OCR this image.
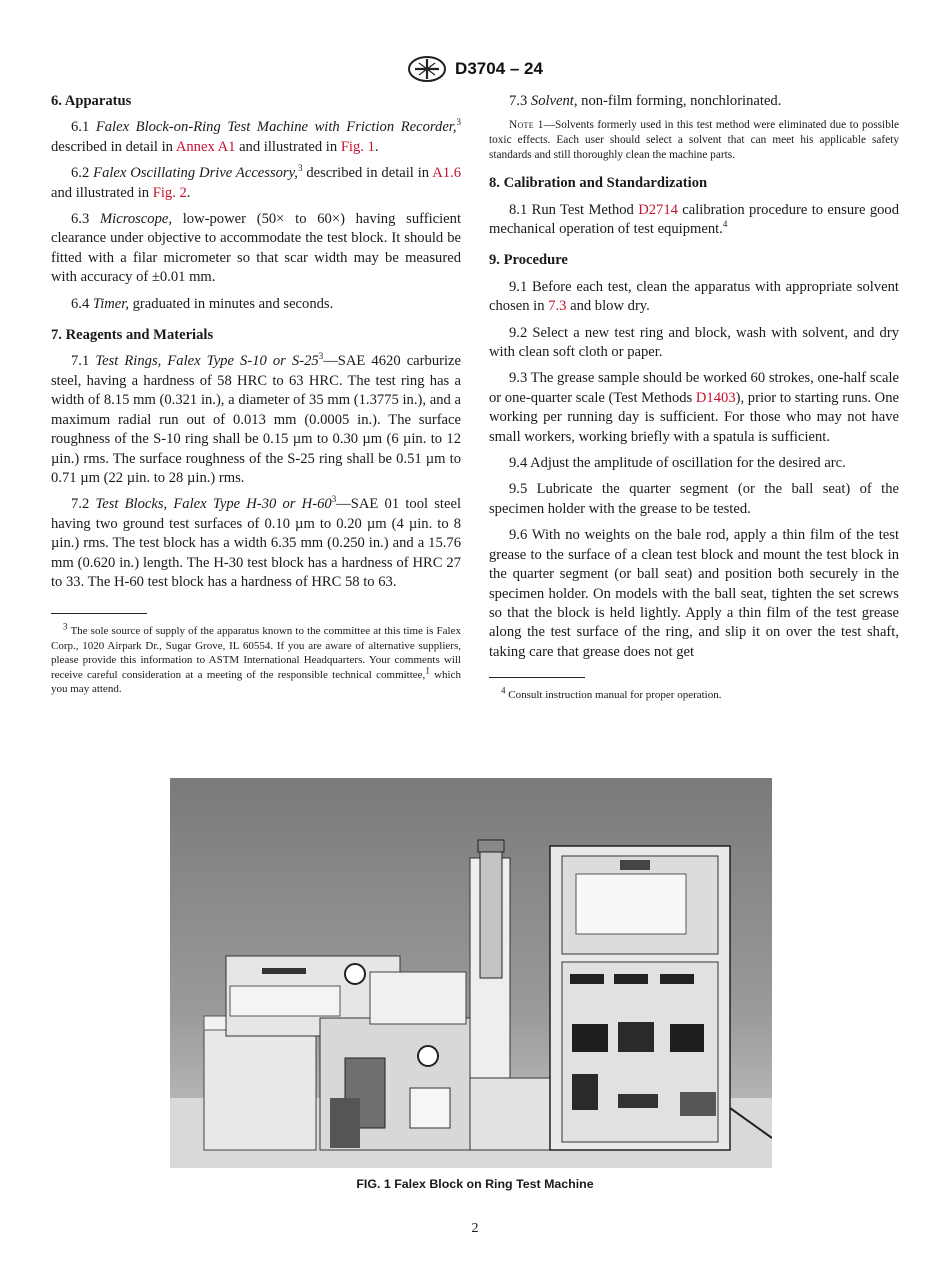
D3704 – 24
6. Apparatus

6.1 Falex Block-on-Ring Test Machine with Friction Recorder,$^3$ described in detail in Annex A1 and illustrated in Fig. 1.

6.2 Falex Oscillating Drive Accessory,$^3$ described in detail in A1.6 and illustrated in Fig. 2.

6.3 Microscope, low-power (50× to 60×) having sufficient clearance under objective to accommodate the test block. It should be fitted with a filar micrometer so that scar width may be measured with accuracy of ±0.01 mm.

6.4 Timer, graduated in minutes and seconds.

7. Reagents and Materials

7.1 Test Rings, Falex Type S-10 or $S-25^3—SAE$ 4620 carburize steel, having a hardness of 58 HRC to 63 HRC. The test ring has a width of 8.15 mm (0.321 in.), a diameter of 35 mm (1.3775 in.), and a maximum radial run out of 0.013 mm (0.0005 in.). The surface roughness of the S-10 ring shall be 0.15 µm to 0.30 µm (6 µin. to 12 µin.) rms. The surface roughness of the S-25 ring shall be 0.51 µm to 0.71 µm (22 µin. to 28 µin.) rms.

7.2 Test Blocks, Falex Type H-30 or $H-60^3—SAE$ 01 tool steel having two ground test surfaces of 0.10 µm to 0.20 µm (4 µin. to 8 µin.) rms. The test block has a width 6.35 mm (0.250 in.) and a 15.76 mm (0.620 in.) length. The H-30 test block has a hardness of HRC 27 to 33. The H-60 test block has a hardness of HRC 58 to 63.

$^3$ The sole source of supply of the apparatus known to the committee at this time is Falex Corp., 1020 Airpark Dr., Sugar Grove, IL 60554. If you are aware of alternative suppliers, please provide this information to ASTM International Headquarters. Your comments will receive careful consideration at a meeting of the responsible technical committee,$^1$ which you may attend.

7.3 Solvent, non-film forming, nonchlorinated.

Note 1—Solvents formerly used in this test method were eliminated due to possible toxic effects. Each user should select a solvent that can meet his applicable safety standards and still thoroughly clean the machine parts.

8. Calibration and Standardization

8.1 Run Test Method D2714 calibration procedure to ensure good mechanical operation of test equipment.$^4$

9. Procedure

9.1 Before each test, clean the apparatus with appropriate solvent chosen in 7.3 and blow dry.

9.2 Select a new test ring and block, wash with solvent, and dry with clean soft cloth or paper.

9.3 The grease sample should be worked 60 strokes, one-half scale or one-quarter scale (Test Methods D1403), prior to starting runs. One working per running day is sufficient. For those who may not have small workers, working briefly with a spatula is sufficient.

9.4 Adjust the amplitude of oscillation for the desired arc.

9.5 Lubricate the quarter segment (or the ball seat) of the specimen holder with the grease to be tested.

9.6 With no weights on the bale rod, apply a thin film of the test grease to the surface of a clean test block and mount the test block in the quarter segment (or ball seat) and position both securely in the specimen holder. On models with the ball seat, tighten the set screws so that the block is held lightly. Apply a thin film of the test grease along the test surface of the ring, and slip it on over the test shaft, taking care that grease does not get

$^4$ Consult instruction manual for proper operation.

FIG. 1 Falex Block on Ring Test Machine
2
